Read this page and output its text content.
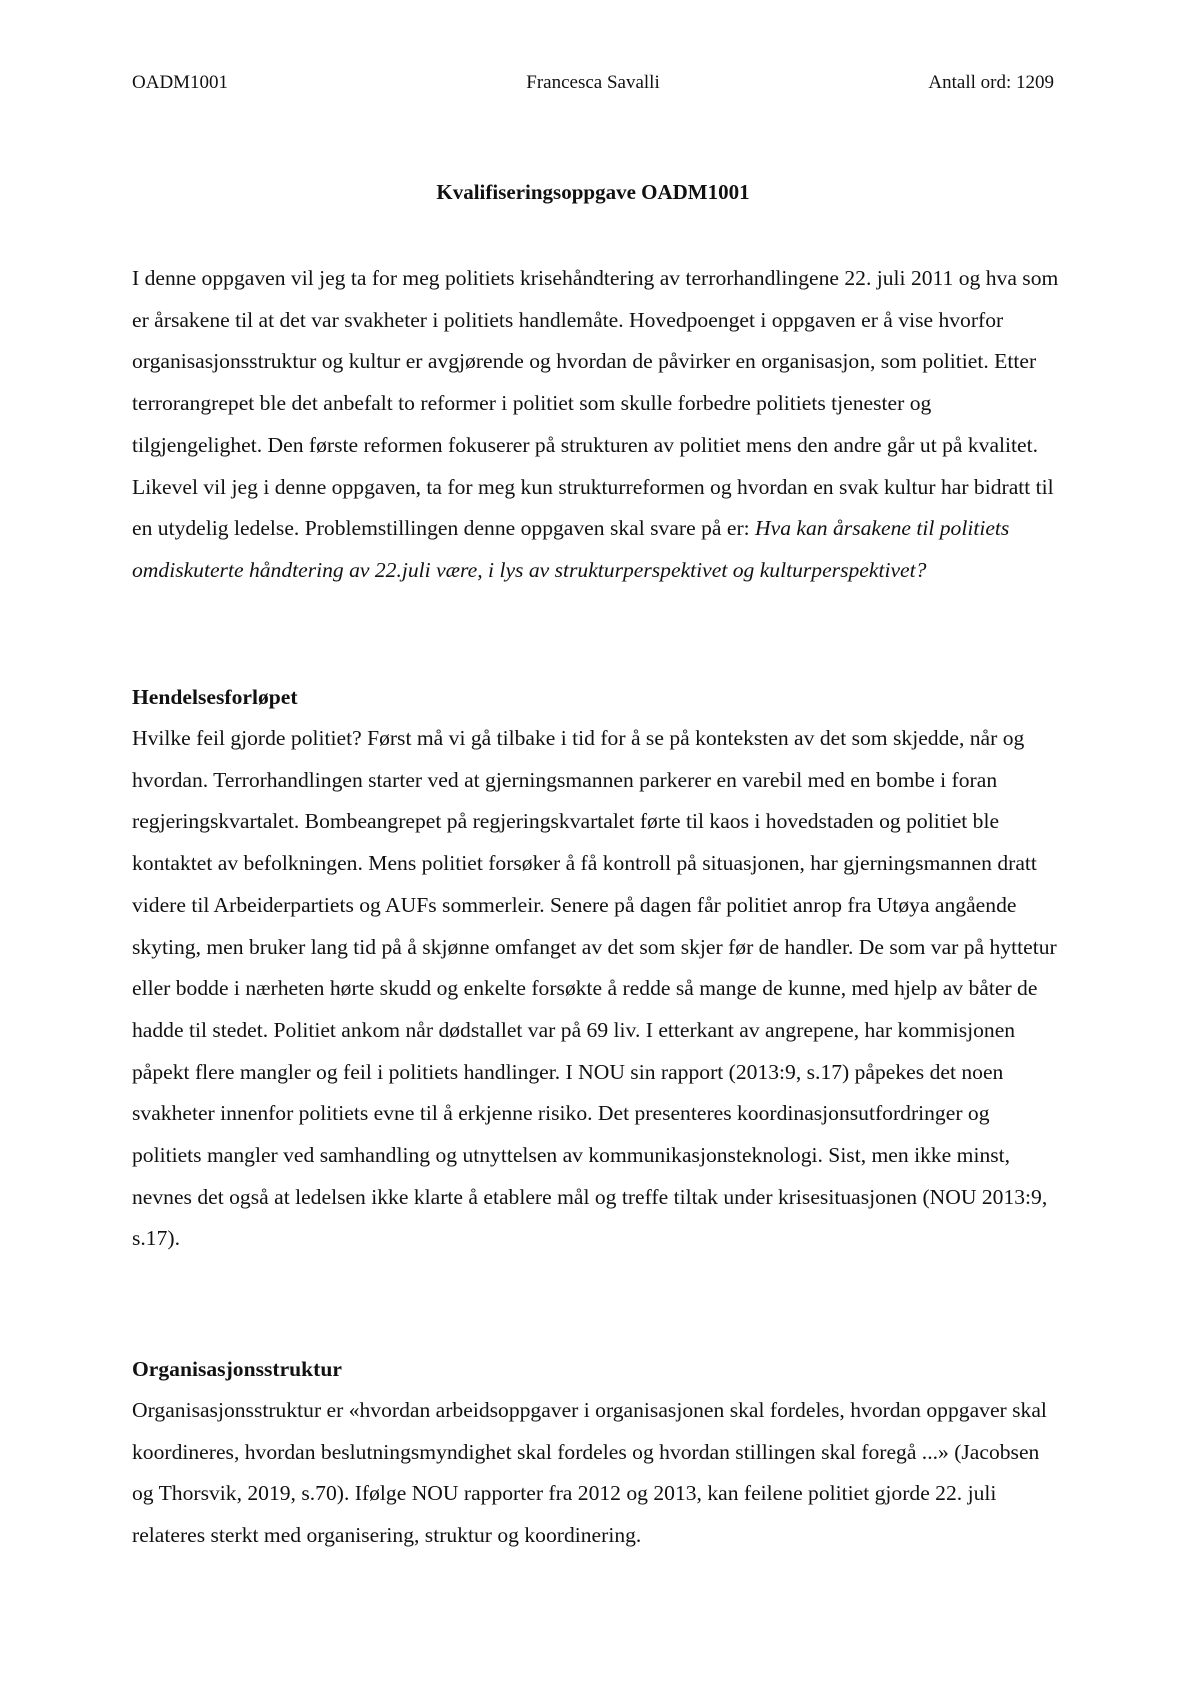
OADM1001	Francesca Savalli	Antall ord: 1209
Kvalifiseringsoppgave OADM1001

I denne oppgaven vil jeg ta for meg politiets krisehåndtering av terrorhandlingene 22. juli 2011 og hva som er årsakene til at det var svakheter i politiets handlemåte. Hovedpoenget i oppgaven er å vise hvorfor organisasjonsstruktur og kultur er avgjørende og hvordan de påvirker en organisasjon, som politiet. Etter terrorangrepet ble det anbefalt to reformer i politiet som skulle forbedre politiets tjenester og tilgjengelighet. Den første reformen fokuserer på strukturen av politiet mens den andre går ut på kvalitet. Likevel vil jeg i denne oppgaven, ta for meg kun strukturreformen og hvordan en svak kultur har bidratt til en utydelig ledelse. Problemstillingen denne oppgaven skal svare på er: Hva kan årsakene til politiets omdiskuterte håndtering av 22.juli være, i lys av strukturperspektivet og kulturperspektivet?

Hendelsesforløpet

Hvilke feil gjorde politiet? Først må vi gå tilbake i tid for å se på konteksten av det som skjedde, når og hvordan. Terrorhandlingen starter ved at gjerningsmannen parkerer en varebil med en bombe i foran regjeringskvartalet. Bombeangrepet på regjeringskvartalet førte til kaos i hovedstaden og politiet ble kontaktet av befolkningen. Mens politiet forsøker å få kontroll på situasjonen, har gjerningsmannen dratt videre til Arbeiderpartiets og AUFs sommerleir. Senere på dagen får politiet anrop fra Utøya angående skyting, men bruker lang tid på å skjønne omfanget av det som skjer før de handler. De som var på hyttetur eller bodde i nærheten hørte skudd og enkelte forsøkte å redde så mange de kunne, med hjelp av båter de hadde til stedet. Politiet ankom når dødstallet var på 69 liv. I etterkant av angrepene, har kommisjonen påpekt flere mangler og feil i politiets handlinger. I NOU sin rapport (2013:9, s.17) påpekes det noen svakheter innenfor politiets evne til å erkjenne risiko. Det presenteres koordinasjonsutfordringer og politiets mangler ved samhandling og utnyttelsen av kommunikasjonsteknologi. Sist, men ikke minst, nevnes det også at ledelsen ikke klarte å etablere mål og treffe tiltak under krisesituasjonen (NOU 2013:9, s.17).

Organisasjonsstruktur

Organisasjonsstruktur er «hvordan arbeidsoppgaver i organisasjonen skal fordeles, hvordan oppgaver skal koordineres, hvordan beslutningsmyndighet skal fordeles og hvordan stillingen skal foregå ...» (Jacobsen og Thorsvik, 2019, s.70). Ifølge NOU rapporter fra 2012 og 2013, kan feilene politiet gjorde 22. juli relateres sterkt med organisering, struktur og koordinering.
